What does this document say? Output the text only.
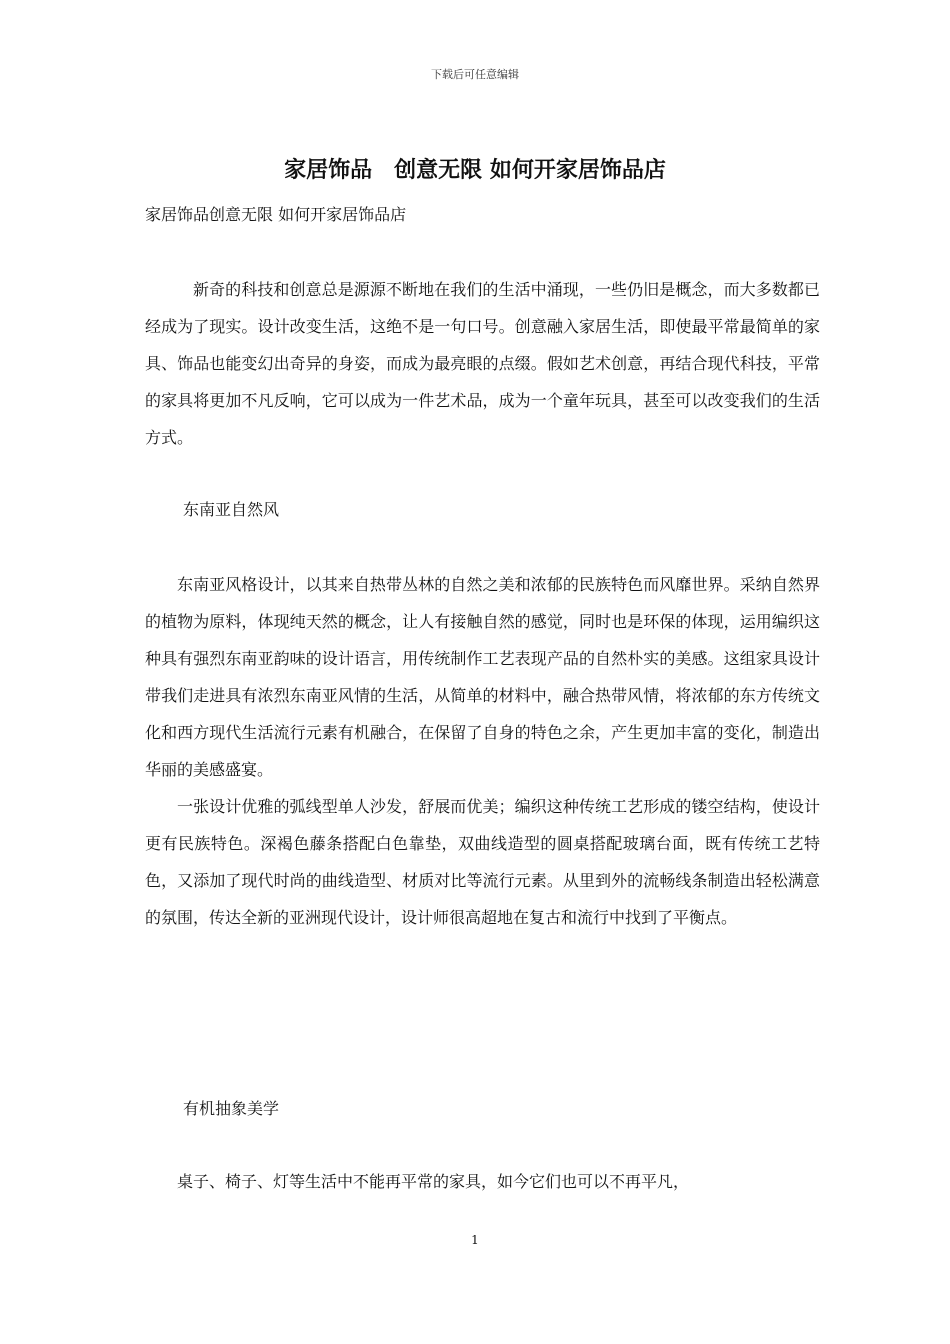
下载后可任意编辑
家居饰品　创意无限 如何开家居饰品店
家居饰品创意无限 如何开家居饰品店

新奇的科技和创意总是源源不断地在我们的生活中涌现，一些仍旧是概念，而大多数都已经成为了现实。设计改变生活，这绝不是一句口号。创意融入家居生活，即使最平常最简单的家具、饰品也能变幻出奇异的身姿，而成为最亮眼的点缀。假如艺术创意，再结合现代科技，平常的家具将更加不凡反响，它可以成为一件艺术品，成为一个童年玩具，甚至可以改变我们的生活方式。

东南亚自然风

东南亚风格设计，以其来自热带丛林的自然之美和浓郁的民族特色而风靡世界。采纳自然界的植物为原料，体现纯天然的概念，让人有接触自然的感觉，同时也是环保的体现，运用编织这种具有强烈东南亚韵味的设计语言，用传统制作工艺表现产品的自然朴实的美感。这组家具设计带我们走进具有浓烈东南亚风情的生活，从简单的材料中，融合热带风情，将浓郁的东方传统文化和西方现代生活流行元素有机融合，在保留了自身的特色之余，产生更加丰富的变化，制造出华丽的美感盛宴。

一张设计优雅的弧线型单人沙发，舒展而优美；编织这种传统工艺形成的镂空结构，使设计更有民族特色。深褐色藤条搭配白色靠垫，双曲线造型的圆桌搭配玻璃台面，既有传统工艺特色，又添加了现代时尚的曲线造型、材质对比等流行元素。从里到外的流畅线条制造出轻松满意的氛围，传达全新的亚洲现代设计，设计师很高超地在复古和流行中找到了平衡点。

有机抽象美学

桌子、椅子、灯等生活中不能再平常的家具，如今它们也可以不再平凡，

1
